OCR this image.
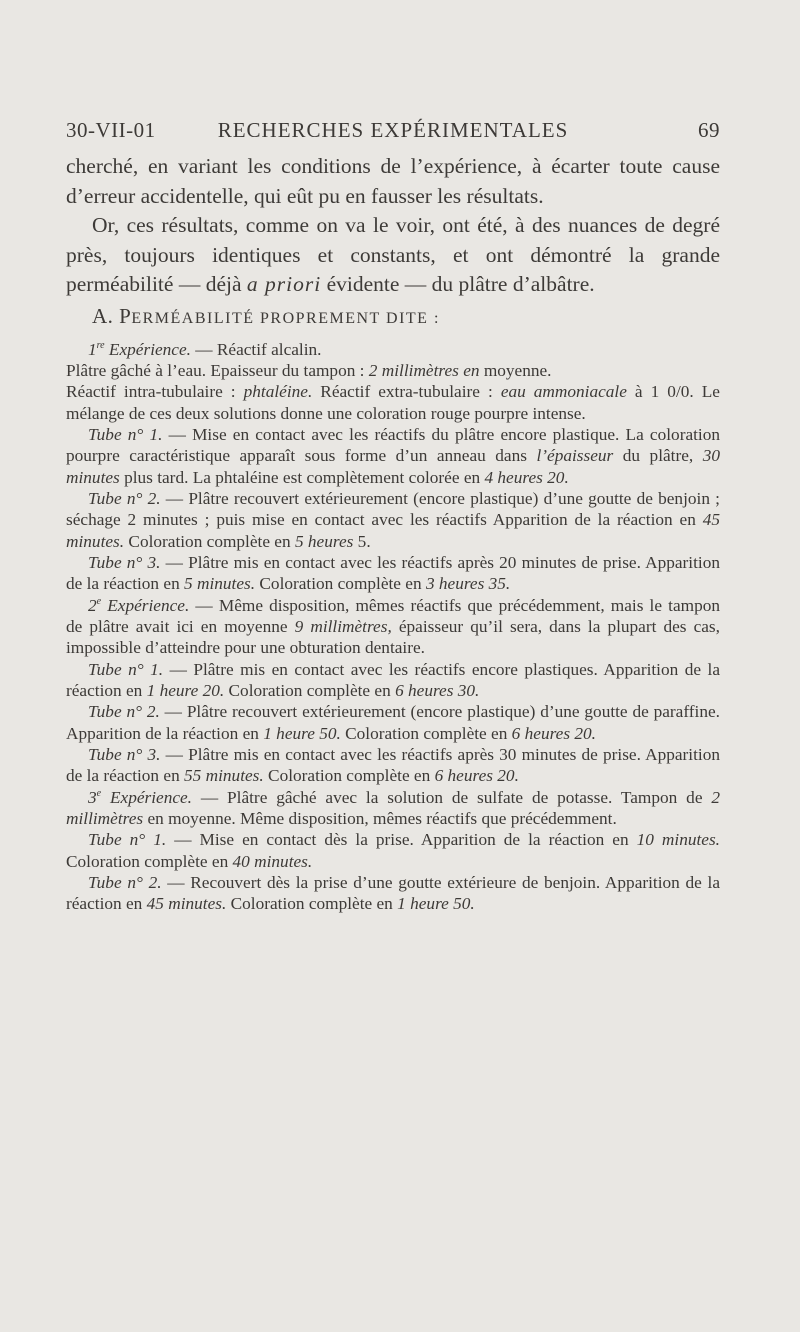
30-VII-01	RECHERCHES EXPÉRIMENTALES	69

cherché, en variant les conditions de l’expérience, à écarter toute cause d’erreur accidentelle, qui eût pu en fausser les résultats.

Or, ces résultats, comme on va le voir, ont été, à des nuances de degré près, toujours identiques et constants, et ont démontré la grande perméabilité — déjà a priori évidente — du plâtre d’albâtre.

A. PERMÉABILITÉ PROPREMENT DITE :

1re Expérience. — Réactif alcalin.

Plâtre gâché à l’eau. Epaisseur du tampon : 2 millimètres en moyenne.

Réactif intra-tubulaire : phtaléine. Réactif extra-tubulaire : eau ammoniacale à 1 0/0. Le mélange de ces deux solutions donne une coloration rouge pourpre intense.

Tube n° 1. — Mise en contact avec les réactifs du plâtre encore plastique. La coloration pourpre caractéristique apparaît sous forme d’un anneau dans l’épaisseur du plâtre, 30 minutes plus tard. La phtaléine est complètement colorée en 4 heures 20.

Tube n° 2. — Plâtre recouvert extérieurement (encore plastique) d’une goutte de benjoin ; séchage 2 minutes ; puis mise en contact avec les réactifs Apparition de la réaction en 45 minutes. Coloration complète en 5 heures 5.

Tube n° 3. — Plâtre mis en contact avec les réactifs après 20 minutes de prise. Apparition de la réaction en 5 minutes. Coloration complète en 3 heures 35.

2e Expérience. — Même disposition, mêmes réactifs que précédemment, mais le tampon de plâtre avait ici en moyenne 9 millimètres, épaisseur qu’il sera, dans la plupart des cas, impossible d’atteindre pour une obturation dentaire.

Tube n° 1. — Plâtre mis en contact avec les réactifs encore plastiques. Apparition de la réaction en 1 heure 20. Coloration complète en 6 heures 30.

Tube n° 2. — Plâtre recouvert extérieurement (encore plastique) d’une goutte de paraffine. Apparition de la réaction en 1 heure 50. Coloration complète en 6 heures 20.

Tube n° 3. — Plâtre mis en contact avec les réactifs après 30 minutes de prise. Apparition de la réaction en 55 minutes. Coloration complète en 6 heures 20.

3e Expérience. — Plâtre gâché avec la solution de sulfate de potasse. Tampon de 2 millimètres en moyenne. Même disposition, mêmes réactifs que précédemment.

Tube n° 1. — Mise en contact dès la prise. Apparition de la réaction en 10 minutes. Coloration complète en 40 minutes.

Tube n° 2. — Recouvert dès la prise d’une goutte extérieure de benjoin. Apparition de la réaction en 45 minutes. Coloration complète en 1 heure 50.
